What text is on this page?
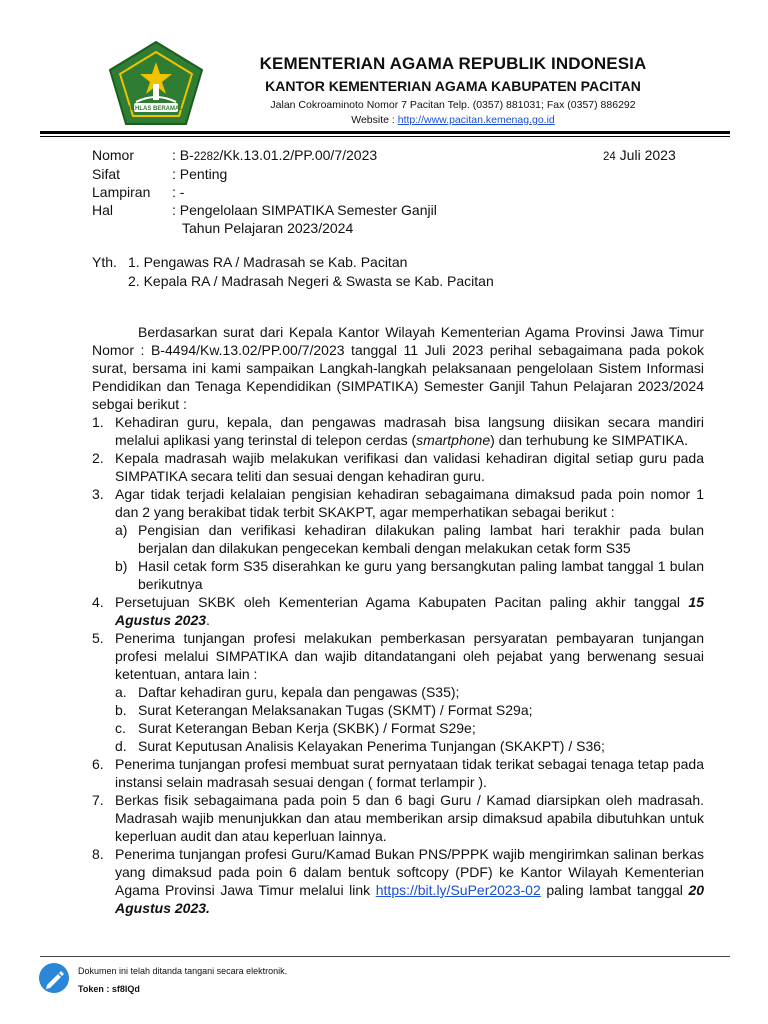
IKHLAS BERAMAL
KEMENTERIAN AGAMA REPUBLIK INDONESIA
KANTOR KEMENTERIAN AGAMA KABUPATEN PACITAN
Jalan Cokroaminoto Nomor 7 Pacitan Telp. (0357) 881031; Fax (0357) 886292
Website : http://www.pacitan.kemenag.go.id
Nomor	: B-2282/Kk.13.01.2/PP.00/7/2023	24 Juli 2023
Sifat	: Penting
Lampiran : -
Hal	: Pengelolaan SIMPATIKA Semester Ganjil
Tahun Pelajaran 2023/2024
Yth. 1. Pengawas RA / Madrasah se Kab. Pacitan
2. Kepala RA / Madrasah Negeri & Swasta se Kab. Pacitan

Berdasarkan surat dari Kepala Kantor Wilayah Kementerian Agama Provinsi Jawa Timur Nomor : B-4494/Kw.13.02/PP.00/7/2023 tanggal 11 Juli 2023 perihal sebagaimana pada pokok surat, bersama ini kami sampaikan Langkah-langkah pelaksanaan pengelolaan Sistem Informasi Pendidikan dan Tenaga Kependidikan (SIMPATIKA) Semester Ganjil Tahun Pelajaran 2023/2024 sebgai berikut :

1. Kehadiran guru, kepala, dan pengawas madrasah bisa langsung diisikan secara mandiri melalui aplikasi yang terinstal di telepon cerdas (smartphone) dan terhubung ke SIMPATIKA.
2. Kepala madrasah wajib melakukan verifikasi dan validasi kehadiran digital setiap guru pada SIMPATIKA secara teliti dan sesuai dengan kehadiran guru.
3. Agar tidak terjadi kelalaian pengisian kehadiran sebagaimana dimaksud pada poin nomor 1 dan 2 yang berakibat tidak terbit SKAKPT, agar memperhatikan sebagai berikut :
a) Pengisian dan verifikasi kehadiran dilakukan paling lambat hari terakhir pada bulan berjalan dan dilakukan pengecekan kembali dengan melakukan cetak form S35
b) Hasil cetak form S35 diserahkan ke guru yang bersangkutan paling lambat tanggal 1 bulan berikutnya
4. Persetujuan SKBK oleh Kementerian Agama Kabupaten Pacitan paling akhir tanggal 15 Agustus 2023.
5. Penerima tunjangan profesi melakukan pemberkasan persyaratan pembayaran tunjangan profesi melalui SIMPATIKA dan wajib ditandatangani oleh pejabat yang berwenang sesuai ketentuan, antara lain :
a. Daftar kehadiran guru, kepala dan pengawas (S35);
b. Surat Keterangan Melaksanakan Tugas (SKMT) / Format S29a;
c. Surat Keterangan Beban Kerja (SKBK) / Format S29e;
d. Surat Keputusan Analisis Kelayakan Penerima Tunjangan (SKAKPT) / S36;
6. Penerima tunjangan profesi membuat surat pernyataan tidak terikat sebagai tenaga tetap pada instansi selain madrasah sesuai dengan ( format terlampir ).
7. Berkas fisik sebagaimana pada poin 5 dan 6 bagi Guru / Kamad diarsipkan oleh madrasah. Madrasah wajib menunjukkan dan atau memberikan arsip dimaksud apabila dibutuhkan untuk keperluan audit dan atau keperluan lainnya.
8. Penerima tunjangan profesi Guru/Kamad Bukan PNS/PPPK wajib mengirimkan salinan berkas yang dimaksud pada poin 6 dalam bentuk softcopy (PDF) ke Kantor Wilayah Kementerian Agama Provinsi Jawa Timur melalui link https://bit.ly/SuPer2023-02 paling lambat tanggal 20 Agustus 2023.
Dokumen ini telah ditanda tangani secara elektronik.
Token : sf8lQd
